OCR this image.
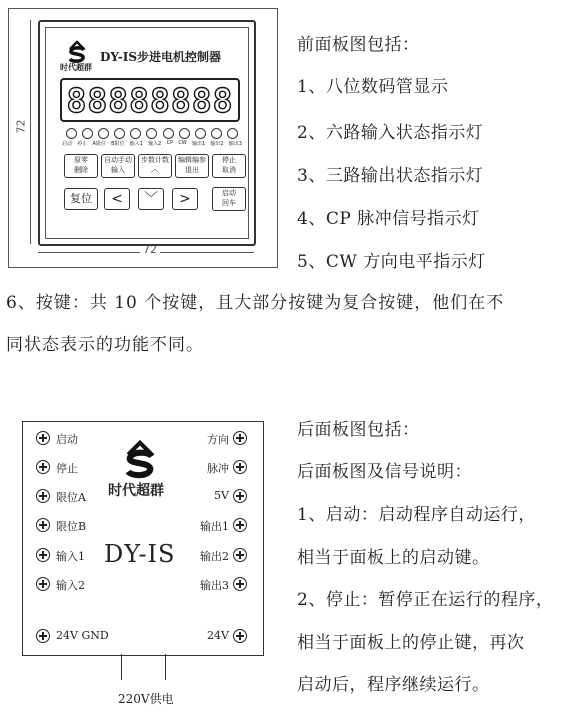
72
72
时代超群
DY-IS步进电机控制器
88888888
启动 停止 A限位 B限位 输入1 输入2 CP CW 输出1 输出2 输出3
原零
删除
自动手动
输入
步数计数
︿
编辑编参
退出
停止
取消
复位	<	﹀	>	启动
回车
前面板图包括：
1、八位数码管显示
2、六路输入状态指示灯
3、三路输出状态指示灯
4、CP 脉冲信号指示灯
5、CW 方向电平指示灯
6、按键：共 10 个按键，且大部分按键为复合按键，他们在不
同状态表示的功能不同。
启动
停止
限位A
限位B
输入1
输入2
24V GND
方向
脉冲
5V
输出1
输出2
输出3
24V
时代超群
DY-IS
220V供电
后面板图包括：
后面板图及信号说明：
1、启动：启动程序自动运行，
相当于面板上的启动键。
2、停止：暂停正在运行的程序，
相当于面板上的停止键，再次
启动后，程序继续运行。
